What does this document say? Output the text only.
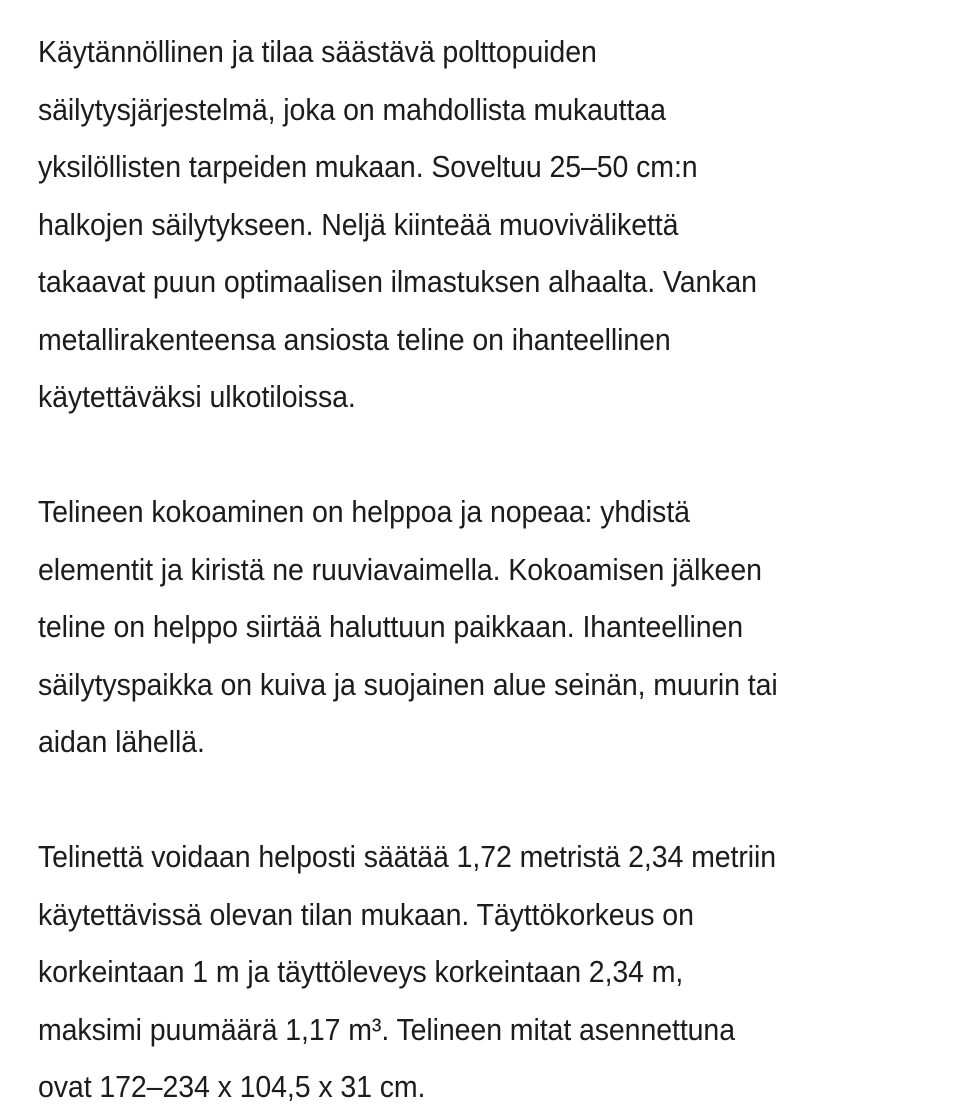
Käytännöllinen ja tilaa säästävä polttopuiden
säilytysjärjestelmä, joka on mahdollista mukauttaa
yksilöllisten tarpeiden mukaan. Soveltuu 25–50 cm:n
halkojen säilytykseen. Neljä kiinteää muovivälikettä
takaavat puun optimaalisen ilmastuksen alhaalta. Vankan
metallirakenteensa ansiosta teline on ihanteellinen
käytettäväksi ulkotiloissa.

Telineen kokoaminen on helppoa ja nopeaa: yhdistä
elementit ja kiristä ne ruuviavaimella. Kokoamisen jälkeen
teline on helppo siirtää haluttuun paikkaan. Ihanteellinen
säilytyspaikka on kuiva ja suojainen alue seinän, muurin tai
aidan lähellä.

Telinettä voidaan helposti säätää 1,72 metristä 2,34 metriin
käytettävissä olevan tilan mukaan. Täyttökorkeus on
korkeintaan 1 m ja täyttöleveys korkeintaan 2,34 m,
maksimi puumäärä 1,17 m³. Telineen mitat asennettuna
ovat 172–234 x 104,5 x 31 cm.
